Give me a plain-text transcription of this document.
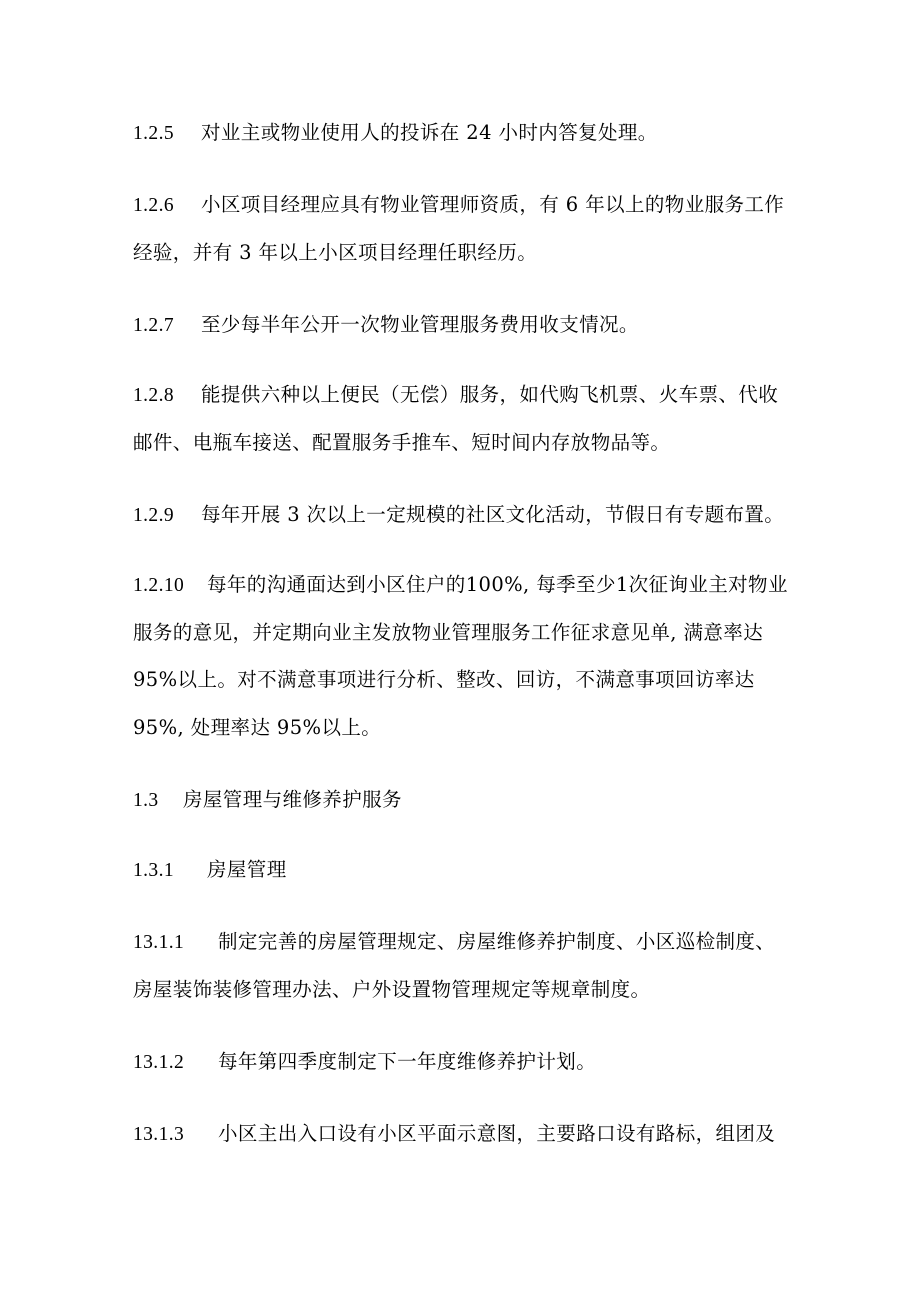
1.2.5 对业主或物业使用人的投诉在 24 小时内答复处理。
1.2.6 小区项目经理应具有物业管理师资质，有 6 年以上的物业服务工作
经验，并有 3 年以上小区项目经理任职经历。
1.2.7 至少每半年公开一次物业管理服务费用收支情况。
1.2.8 能提供六种以上便民（无偿）服务，如代购飞机票、火车票、代收
邮件、电瓶车接送、配置服务手推车、短时间内存放物品等。
1.2.9 每年开展 3 次以上一定规模的社区文化活动，节假日有专题布置。
1.2.10 每年的沟通面达到小区住户的100%, 每季至少1次征询业主对物业
服务的意见，并定期向业主发放物业管理服务工作征求意见单, 满意率达
95%以上。对不满意事项进行分析、整改、回访，不满意事项回访率达
95%, 处理率达 95%以上。
1.3 房屋管理与维修养护服务
1.3.1 房屋管理
13.1.1 制定完善的房屋管理规定、房屋维修养护制度、小区巡检制度、
房屋装饰装修管理办法、户外设置物管理规定等规章制度。
13.1.2 每年第四季度制定下一年度维修养护计划。
13.1.3 小区主出入口设有小区平面示意图，主要路口设有路标，组团及
